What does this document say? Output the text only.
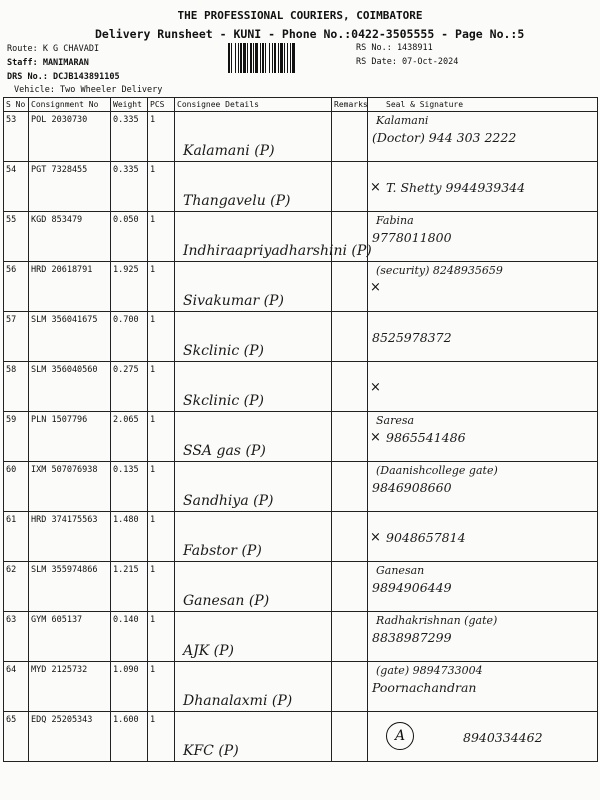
THE PROFESSIONAL COURIERS, COIMBATORE
Delivery Runsheet - KUNI - Phone No.:0422-3505555 - Page No.:5
Route: K G CHAVADI
Staff: MANIMARAN
DRS No.: DCJB143891105
Vehicle: Two Wheeler Delivery
RS No.: 1438911
RS Date: 07-Oct-2024
S No	Consignment No	Weight	PCS	Consignee Details	Remarks	Seal & Signature
53	POL 2030730	0.335	1	Kalamani (P)		Kalamani
(Doctor) 944 303 2222

54	PGT 7328455	0.335	1	Thangavelu (P)		× T. Shetty 9944939344

55	KGD 853479	0.050	1	Indhiraapriyadharshini (P)		Fabina
9778011800

56	HRD 20618791	1.925	1	Sivakumar (P)		×
(security) 8248935659

57	SLM 356041675	0.700	1	Skclinic (P)		8525978372

58	SLM 356040560	0.275	1	Skclinic (P)		×

59	PLN 1507796	2.065	1	SSA gas (P)		×
Saresa
9865541486

60	IXM 507076938	0.135	1	Sandhiya (P)		(Daanishcollege gate)
9846908660

61	HRD 374175563	1.480	1	Fabstor (P)		× 9048657814

62	SLM 355974866	1.215	1	Ganesan (P)		Ganesan
9894906449

63	GYM 605137	0.140	1	AJK (P)		Radhakrishnan (gate)
8838987299

64	MYD 2125732	1.090	1	Dhanalaxmi (P)		(gate) 9894733004
Poornachandran

65	EDQ 25205343	1.600	1	KFC (P)		A 8940334462
